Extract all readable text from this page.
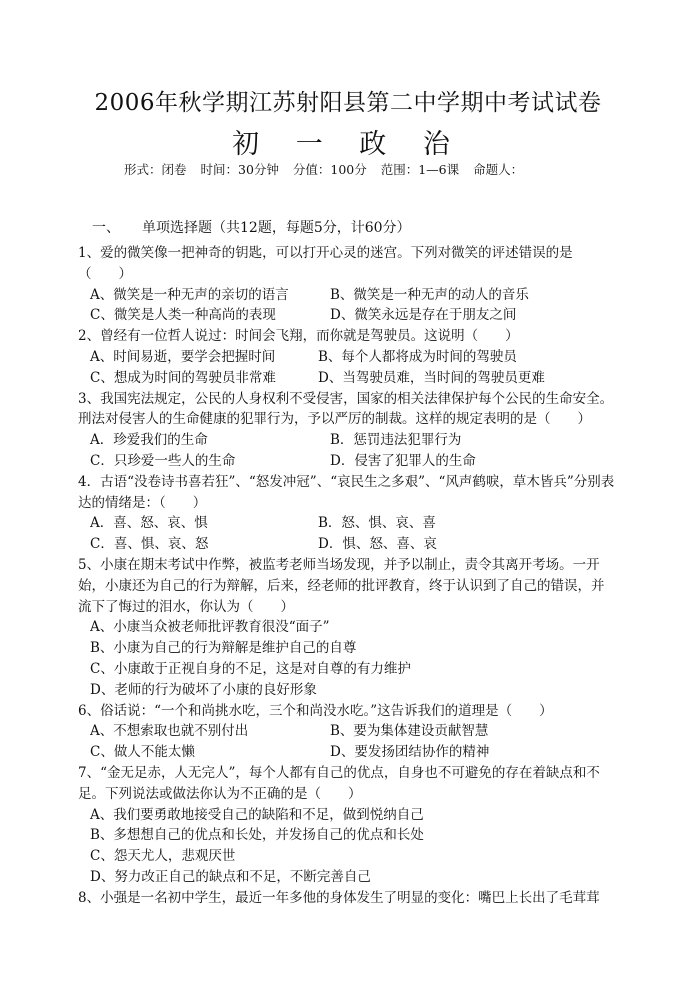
2006年秋学期江苏射阳县第二中学期中考试试卷
初 一 政 治
形式：闭卷 时间：30分钟 分值：100分 范围：1—6课 命题人：
一、 单项选择题（共12题，每题5分，计60分）

1、爱的微笑像一把神奇的钥匙，可以打开心灵的迷宫。下列对微笑的评述错误的是

（　　）

A、微笑是一种无声的亲切的语言	B、微笑是一种无声的动人的音乐
C、微笑是人类一种高尚的表现	D、微笑永远是存在于朋友之间

2、曾经有一位哲人说过：时间会飞翔，而你就是驾驶员。这说明（　　）

A、时间易逝，要学会把握时间	B、每个人都将成为时间的驾驶员
C、想成为时间的驾驶员非常难	D、当驾驶员难，当时间的驾驶员更难

3、我国宪法规定，公民的人身权利不受侵害，国家的相关法律保护每个公民的生命安全。

刑法对侵害人的生命健康的犯罪行为，予以严厉的制裁。这样的规定表明的是（　　）

A．珍爱我们的生命	B．惩罚违法犯罪行为
C．只珍爱一些人的生命	D．侵害了犯罪人的生命

4．古语“没卷诗书喜若狂”、“怒发冲冠”、“哀民生之多艰”、“风声鹤唳，草木皆兵”分别表

达的情绪是：（　　）

A．喜、怒、哀、惧	B．怒、惧、哀、喜
C．喜、惧、哀、怒	D．惧、怒、喜、哀

5、小康在期末考试中作弊，被监考老师当场发现，并予以制止，责令其离开考场。一开

始，小康还为自己的行为辩解，后来，经老师的批评教育，终于认识到了自己的错误，并

流下了悔过的泪水，你认为（　　）

A、小康当众被老师批评教育很没“面子”

B、小康为自己的行为辩解是维护自己的自尊

C、小康敢于正视自身的不足，这是对自尊的有力维护

D、老师的行为破坏了小康的良好形象

6、俗话说：“一个和尚挑水吃，三个和尚没水吃。”这告诉我们的道理是（　　）

A、不想索取也就不别付出	B、要为集体建设贡献智慧
C、做人不能太懒	D、要发扬团结协作的精神

7、“金无足赤，人无完人”，每个人都有自己的优点，自身也不可避免的存在着缺点和不

足。下列说法或做法你认为不正确的是（　　）

A、我们要勇敢地接受自己的缺陷和不足，做到悦纳自己

B、多想想自己的优点和长处，并发扬自己的优点和长处

C、怨天尤人，悲观厌世

D、努力改正自己的缺点和不足，不断完善自己

8、小强是一名初中学生，最近一年多他的身体发生了明显的变化：嘴巴上长出了毛茸茸
